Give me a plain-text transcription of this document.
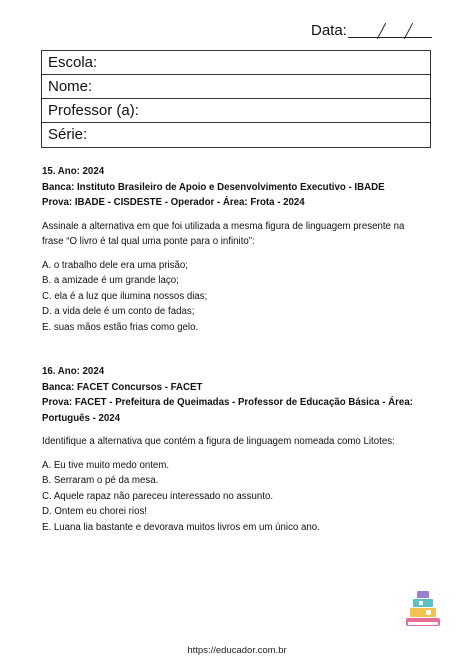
Data:
Escola:
Nome:
Professor (a):
Série:

15. Ano: 2024

Banca: Instituto Brasileiro de Apoio e Desenvolvimento Executivo - IBADE

Prova: IBADE - CISDESTE - Operador - Área: Frota - 2024

Assinale a alternativa em que foi utilizada a mesma figura de linguagem presente na

frase “O livro é tal qual uma ponte para o infinito”:

A. o trabalho dele era uma prisão;

B. a amizade é um grande laço;

C. ela é a luz que ilumina nossos dias;

D. a vida dele é um conto de fadas;

E. suas mãos estão frias como gelo.

16. Ano: 2024

Banca: FACET Concursos - FACET

Prova: FACET - Prefeitura de Queimadas - Professor de Educação Básica - Área:

Português - 2024

Identifique a alternativa que contém a figura de linguagem nomeada como Litotes:

A. Eu tive muito medo ontem.

B. Serraram o pé da mesa.

C. Aquele rapaz não pareceu interessado no assunto.

D. Ontem eu chorei rios!

E. Luana lia bastante e devorava muitos livros em um único ano.

https://educador.com.br
